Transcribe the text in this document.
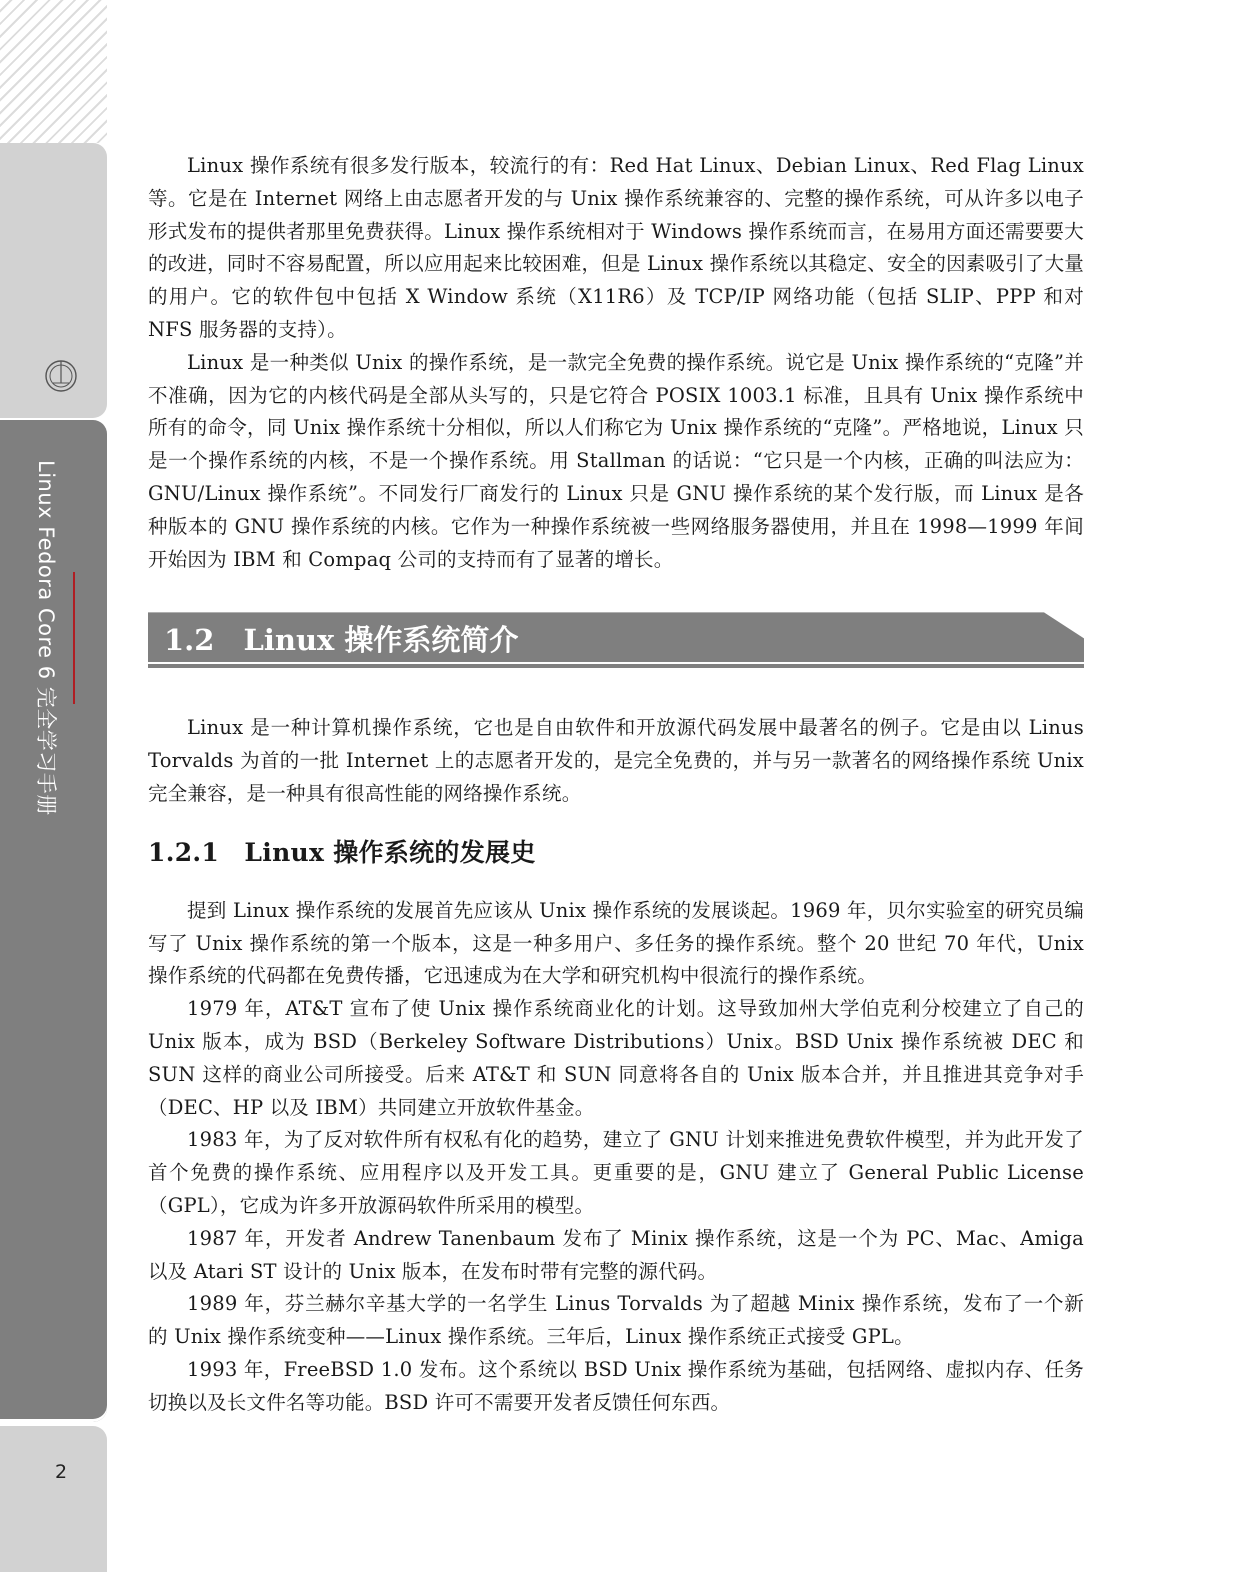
Linux Fedora Core 6 完全学习手册
2

Linux 操作系统有很多发行版本，较流行的有：Red Hat Linux、Debian Linux、Red Flag Linux 等。它是在 Internet 网络上由志愿者开发的与 Unix 操作系统兼容的、完整的操作系统，可从许多以电子形式发布的提供者那里免费获得。Linux 操作系统相对于 Windows 操作系统而言，在易用方面还需要要大的改进，同时不容易配置，所以应用起来比较困难，但是 Linux 操作系统以其稳定、安全的因素吸引了大量的用户。它的软件包中包括 X Window 系统（X11R6）及 TCP/IP 网络功能（包括 SLIP、PPP 和对 NFS 服务器的支持）。

Linux 是一种类似 Unix 的操作系统，是一款完全免费的操作系统。说它是 Unix 操作系统的“克隆”并不准确，因为它的内核代码是全部从头写的，只是它符合 POSIX 1003.1 标准，且具有 Unix 操作系统中所有的命令，同 Unix 操作系统十分相似，所以人们称它为 Unix 操作系统的“克隆”。严格地说，Linux 只是一个操作系统的内核，不是一个操作系统。用 Stallman 的话说：“它只是一个内核，正确的叫法应为：GNU/Linux 操作系统”。不同发行厂商发行的 Linux 只是 GNU 操作系统的某个发行版，而 Linux 是各种版本的 GNU 操作系统的内核。它作为一种操作系统被一些网络服务器使用，并且在 1998—1999 年间开始因为 IBM 和 Compaq 公司的支持而有了显著的增长。

1.2　Linux 操作系统简介

Linux 是一种计算机操作系统，它也是自由软件和开放源代码发展中最著名的例子。它是由以 Linus Torvalds 为首的一批 Internet 上的志愿者开发的，是完全免费的，并与另一款著名的网络操作系统 Unix 完全兼容，是一种具有很高性能的网络操作系统。

1.2.1　Linux 操作系统的发展史

提到 Linux 操作系统的发展首先应该从 Unix 操作系统的发展谈起。1969 年，贝尔实验室的研究员编写了 Unix 操作系统的第一个版本，这是一种多用户、多任务的操作系统。整个 20 世纪 70 年代，Unix 操作系统的代码都在免费传播，它迅速成为在大学和研究机构中很流行的操作系统。

1979 年，AT&T 宣布了使 Unix 操作系统商业化的计划。这导致加州大学伯克利分校建立了自己的 Unix 版本，成为 BSD（Berkeley Software Distributions）Unix。BSD Unix 操作系统被 DEC 和 SUN 这样的商业公司所接受。后来 AT&T 和 SUN 同意将各自的 Unix 版本合并，并且推进其竞争对手（DEC、HP 以及 IBM）共同建立开放软件基金。

1983 年，为了反对软件所有权私有化的趋势，建立了 GNU 计划来推进免费软件模型，并为此开发了首个免费的操作系统、应用程序以及开发工具。更重要的是，GNU 建立了 General Public License（GPL），它成为许多开放源码软件所采用的模型。

1987 年，开发者 Andrew Tanenbaum 发布了 Minix 操作系统，这是一个为 PC、Mac、Amiga 以及 Atari ST 设计的 Unix 版本，在发布时带有完整的源代码。

1989 年，芬兰赫尔辛基大学的一名学生 Linus Torvalds 为了超越 Minix 操作系统，发布了一个新的 Unix 操作系统变种——Linux 操作系统。三年后，Linux 操作系统正式接受 GPL。

1993 年，FreeBSD 1.0 发布。这个系统以 BSD Unix 操作系统为基础，包括网络、虚拟内存、任务切换以及长文件名等功能。BSD 许可不需要开发者反馈任何东西。
